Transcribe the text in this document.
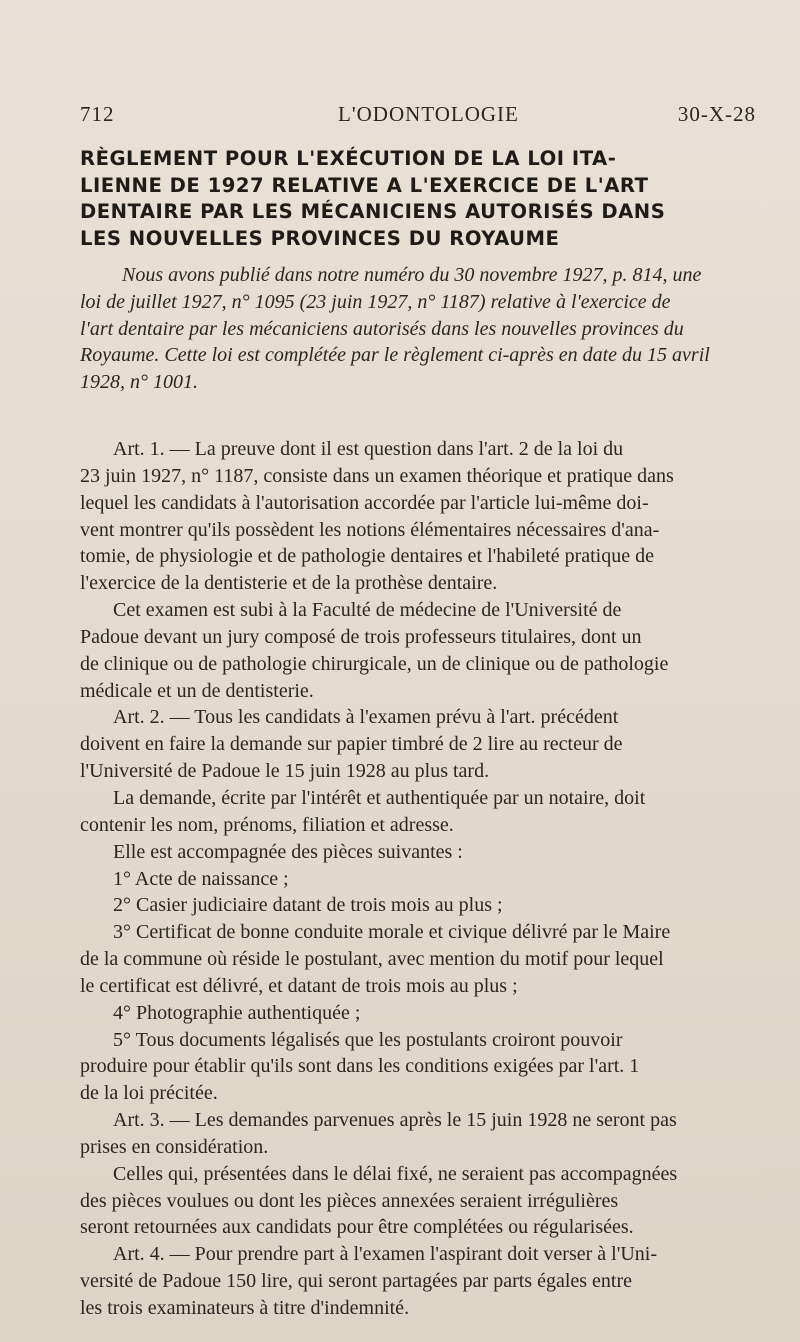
712	L'ODONTOLOGIE	30-X-28
RÈGLEMENT POUR L'EXÉCUTION DE LA LOI ITA-
LIENNE DE 1927 RELATIVE A L'EXERCICE DE L'ART
DENTAIRE PAR LES MÉCANICIENS AUTORISÉS DANS
LES NOUVELLES PROVINCES DU ROYAUME

Nous avons publié dans notre numéro du 30 novembre 1927, p. 814, une
loi de juillet 1927, n° 1095 (23 juin 1927, n° 1187) relative à l'exercice de
l'art dentaire par les mécaniciens autorisés dans les nouvelles provinces du
Royaume. Cette loi est complétée par le règlement ci-après en date du 15 avril
1928, n° 1001.

Art. 1. — La preuve dont il est question dans l'art. 2 de la loi du
23 juin 1927, n° 1187, consiste dans un examen théorique et pratique dans
lequel les candidats à l'autorisation accordée par l'article lui-même doi-
vent montrer qu'ils possèdent les notions élémentaires nécessaires d'ana-
tomie, de physiologie et de pathologie dentaires et l'habileté pratique de
l'exercice de la dentisterie et de la prothèse dentaire.
Cet examen est subi à la Faculté de médecine de l'Université de
Padoue devant un jury composé de trois professeurs titulaires, dont un
de clinique ou de pathologie chirurgicale, un de clinique ou de pathologie
médicale et un de dentisterie.
Art. 2. — Tous les candidats à l'examen prévu à l'art. précédent
doivent en faire la demande sur papier timbré de 2 lire au recteur de
l'Université de Padoue le 15 juin 1928 au plus tard.
La demande, écrite par l'intérêt et authentiquée par un notaire, doit
contenir les nom, prénoms, filiation et adresse.
Elle est accompagnée des pièces suivantes :
1° Acte de naissance ;
2° Casier judiciaire datant de trois mois au plus ;
3° Certificat de bonne conduite morale et civique délivré par le Maire
de la commune où réside le postulant, avec mention du motif pour lequel
le certificat est délivré, et datant de trois mois au plus ;
4° Photographie authentiquée ;
5° Tous documents légalisés que les postulants croiront pouvoir
produire pour établir qu'ils sont dans les conditions exigées par l'art. 1
de la loi précitée.
Art. 3. — Les demandes parvenues après le 15 juin 1928 ne seront pas
prises en considération.
Celles qui, présentées dans le délai fixé, ne seraient pas accompagnées
des pièces voulues ou dont les pièces annexées seraient irrégulières
seront retournées aux candidats pour être complétées ou régularisées.
Art. 4. — Pour prendre part à l'examen l'aspirant doit verser à l'Uni-
versité de Padoue 150 lire, qui seront partagées par parts égales entre
les trois examinateurs à titre d'indemnité.
